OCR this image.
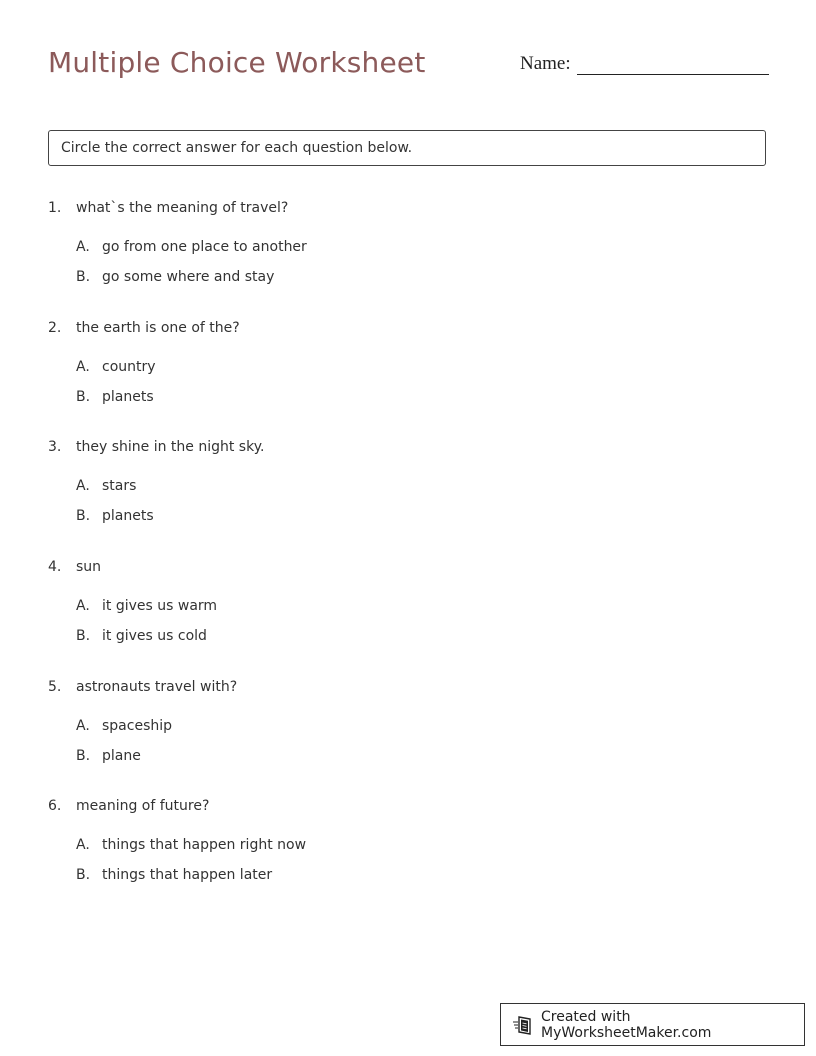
Multiple Choice Worksheet	Name:
Circle the correct answer for each question below.
1.	what`s the meaning of travel?
A. go from one place to another
B. go some where and stay
2.	the earth is one of the?
A. country
B. planets
3.	they shine in the night sky.
A. stars
B. planets
4.	sun
A. it gives us warm
B. it gives us cold
5.	astronauts travel with?
A. spaceship
B. plane
6.	meaning of future?
A. things that happen right now
B. things that happen later
Created with MyWorksheetMaker.com
